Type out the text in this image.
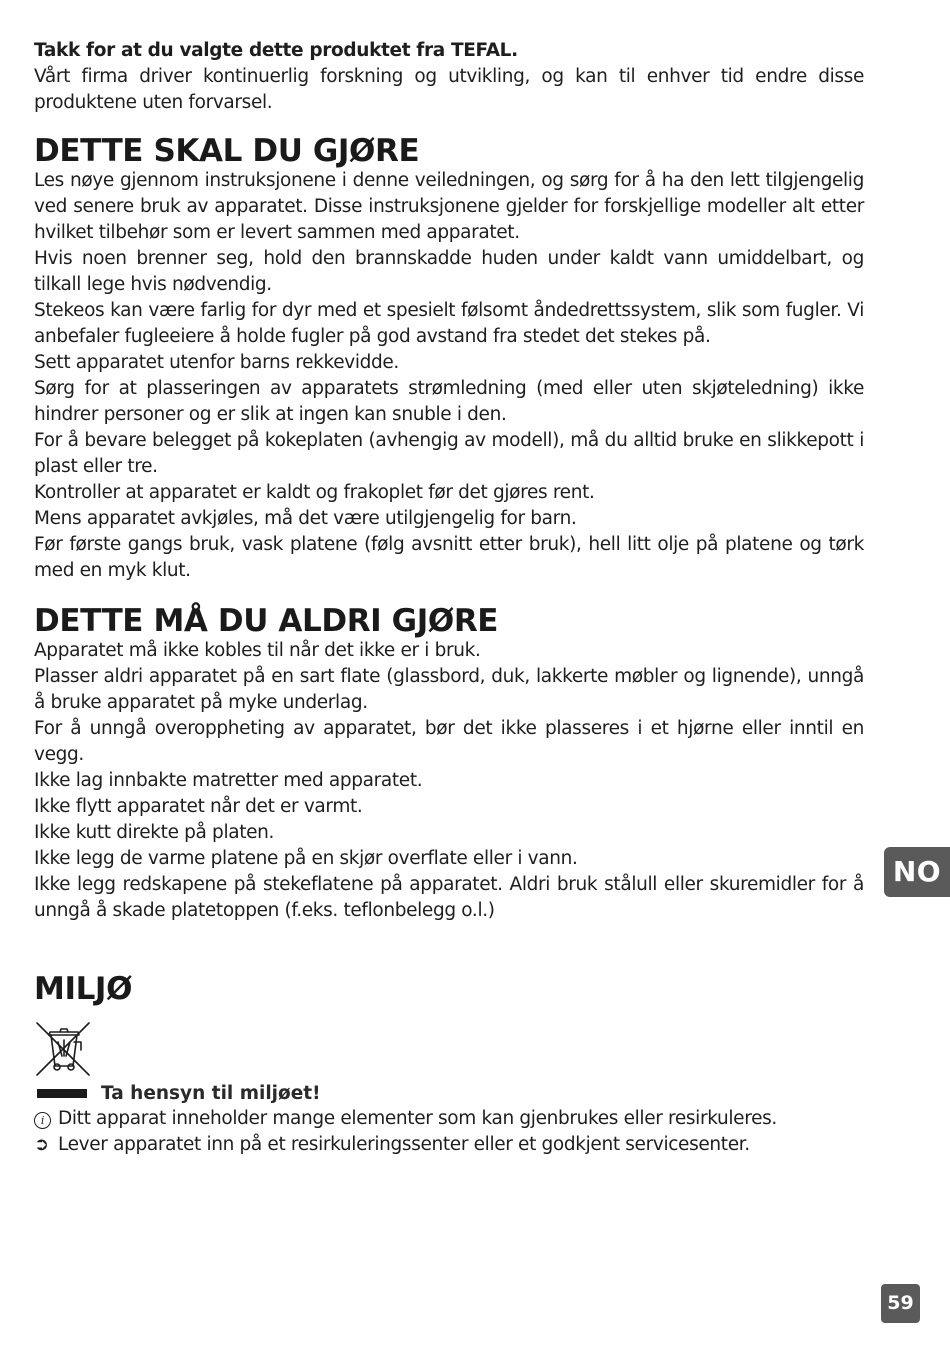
Takk for at du valgte dette produktet fra TEFAL.

Vårt firma driver kontinuerlig forskning og utvikling, og kan til enhver tid endre disse produktene uten forvarsel.

DETTE SKAL DU GJØRE

Les nøye gjennom instruksjonene i denne veiledningen, og sørg for å ha den lett tilgjengelig ved senere bruk av apparatet. Disse instruksjonene gjelder for forskjellige modeller alt etter hvilket tilbehør som er levert sammen med apparatet.

Hvis noen brenner seg, hold den brannskadde huden under kaldt vann umiddelbart, og tilkall lege hvis nødvendig.

Stekeos kan være farlig for dyr med et spesielt følsomt åndedrettssystem, slik som fugler. Vi anbefaler fugleeiere å holde fugler på god avstand fra stedet det stekes på.

Sett apparatet utenfor barns rekkevidde.

Sørg for at plasseringen av apparatets strømledning (med eller uten skjøteledning) ikke hindrer personer og er slik at ingen kan snuble i den.

For å bevare belegget på kokeplaten (avhengig av modell), må du alltid bruke en slikkepott i plast eller tre.

Kontroller at apparatet er kaldt og frakoplet før det gjøres rent.

Mens apparatet avkjøles, må det være utilgjengelig for barn.

Før første gangs bruk, vask platene (følg avsnitt etter bruk), hell litt olje på platene og tørk med en myk klut.

DETTE MÅ DU ALDRI GJØRE

Apparatet må ikke kobles til når det ikke er i bruk.

Plasser aldri apparatet på en sart flate (glassbord, duk, lakkerte møbler og lignende), unngå å bruke apparatet på myke underlag.

For å unngå overoppheting av apparatet, bør det ikke plasseres i et hjørne eller inntil en vegg.

Ikke lag innbakte matretter med apparatet.

Ikke flytt apparatet når det er varmt.

Ikke kutt direkte på platen.

Ikke legg de varme platene på en skjør overflate eller i vann.

Ikke legg redskapene på stekeflatene på apparatet. Aldri bruk stålull eller skuremidler for å unngå å skade platetoppen (f.eks. teflonbelegg o.l.)

MILJØ
Ta hensyn til miljøet!
i Ditt apparat inneholder mange elementer som kan gjenbrukes eller resirkuleres.
➲ Lever apparatet inn på et resirkuleringssenter eller et godkjent servicesenter.
NO
59
